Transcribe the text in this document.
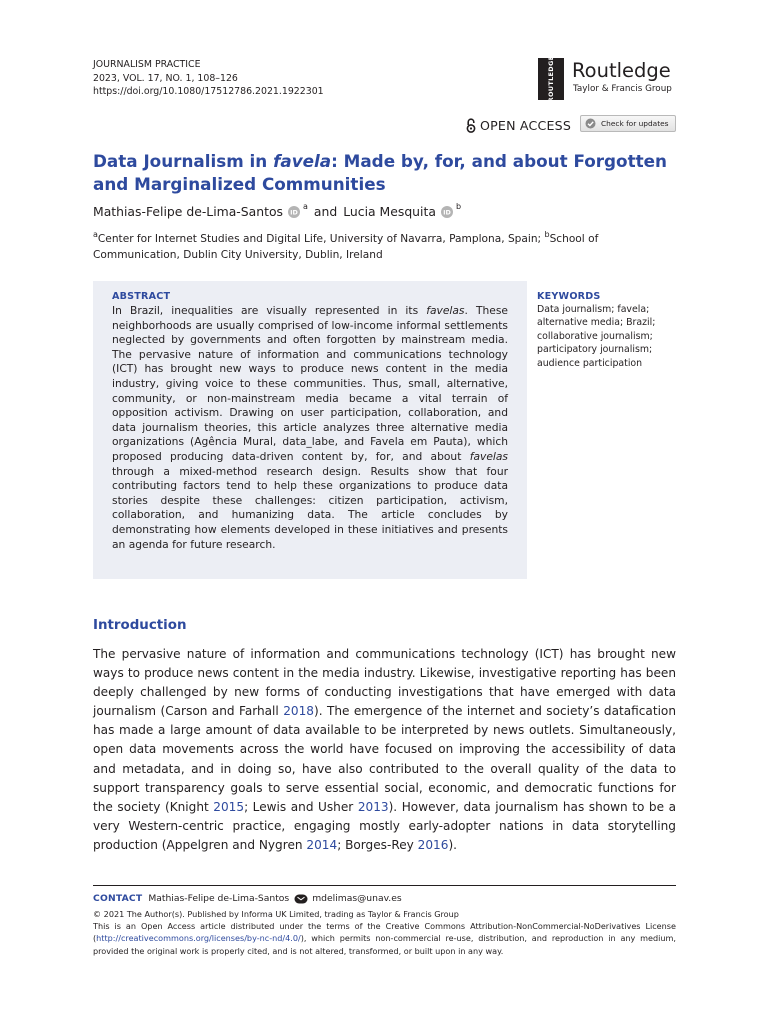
JOURNALISM PRACTICE
2023, VOL. 17, NO. 1, 108–126
https://doi.org/10.1080/17512786.2021.1922301	ROUTLEDGE Routledge
Taylor & Francis Group
OPEN ACCESS	Check for updates
Data Journalism in favela: Made by, for, and about Forgotten and Marginalized Communities
Mathias-Felipe de-Lima-Santos iD
a and Lucia Mesquita iD
b
$^a$Center for Internet Studies and Digital Life, University of Navarra, Pamplona, Spain; $^b$School of Communication, Dublin City University, Dublin, Ireland
ABSTRACT
In Brazil, inequalities are visually represented in its favelas. These neighborhoods are usually comprised of low-income informal settlements neglected by governments and often forgotten by mainstream media. The pervasive nature of information and communications technology (ICT) has brought new ways to produce news content in the media industry, giving voice to these communities. Thus, small, alternative, community, or non-mainstream media became a vital terrain of opposition activism. Drawing on user participation, collaboration, and data journalism theories, this article analyzes three alternative media organizations (Agência Mural, data_labe, and Favela em Pauta), which proposed producing data-driven content by, for, and about favelas through a mixed-method research design. Results show that four contributing factors tend to help these organizations to produce data stories despite these challenges: citizen participation, activism, collaboration, and humanizing data. The article concludes by demonstrating how elements developed in these initiatives and presents an agenda for future research.
KEYWORDS
Data journalism; favela; alternative media; Brazil; collaborative journalism; participatory journalism; audience participation
Introduction
The pervasive nature of information and communications technology (ICT) has brought new ways to produce news content in the media industry. Likewise, investigative reporting has been deeply challenged by new forms of conducting investigations that have emerged with data journalism (Carson and Farhall 2018). The emergence of the internet and society’s datafication has made a large amount of data available to be interpreted by news outlets. Simultaneously, open data movements across the world have focused on improving the accessibility of data and metadata, and in doing so, have also contributed to the overall quality of the data to support transparency goals to serve essential social, economic, and democratic functions for the society (Knight 2015; Lewis and Usher 2013). However, data journalism has shown to be a very Western-centric practice, engaging mostly early-adopter nations in data storytelling production (Appelgren and Nygren 2014; Borges-Rey 2016).
CONTACT Mathias-Felipe de-Lima-Santos	mdelimas@unav.es
© 2021 The Author(s). Published by Informa UK Limited, trading as Taylor & Francis Group
This is an Open Access article distributed under the terms of the Creative Commons Attribution-NonCommercial-NoDerivatives License (http://creativecommons.org/licenses/by-nc-nd/4.0/), which permits non-commercial re-use, distribution, and reproduction in any medium, provided the original work is properly cited, and is not altered, transformed, or built upon in any way.
